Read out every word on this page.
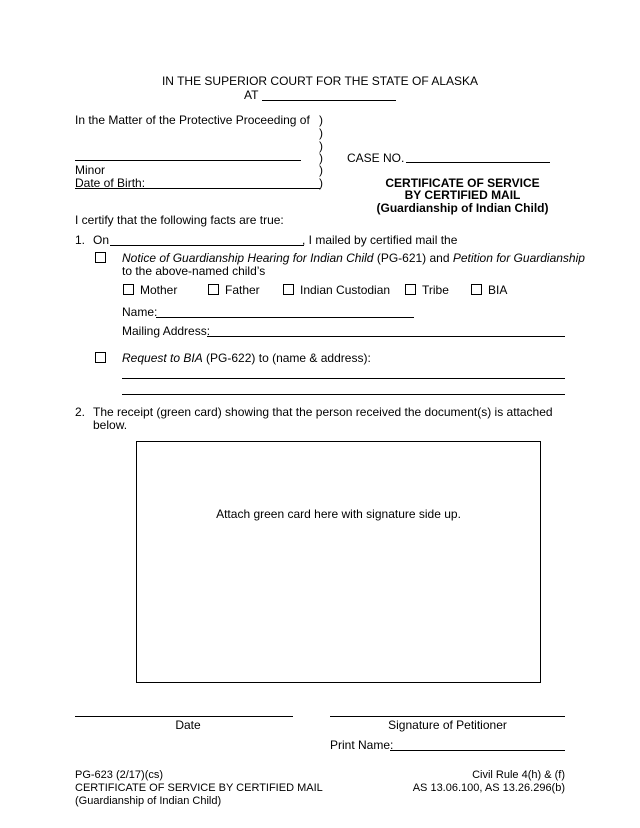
IN THE SUPERIOR COURT FOR THE STATE OF ALASKA
AT
In the Matter of the Protective Proceeding of
Minor
Date of Birth:
)
)
)
)
)
)
CASE NO.
CERTIFICATE OF SERVICE
BY CERTIFIED MAIL
(Guardianship of Indian Child)
I certify that the following facts are true:
1. On	, I mailed by certified mail the
Notice of Guardianship Hearing for Indian Child (PG-621) and Petition for Guardianship
to the above-named child’s
Mother	Father	Indian Custodian	Tribe	BIA
Name:
Mailing Address:
Request to BIA (PG-622) to (name & address):
2. The receipt (green card) showing that the person received the document(s) is attached
below.
Attach green card here with signature side up.
Date	Signature of Petitioner
Print Name:
PG-623 (2/17)(cs)
CERTIFICATE OF SERVICE BY CERTIFIED MAIL
(Guardianship of Indian Child)
Civil Rule 4(h) & (f)
AS 13.06.100, AS 13.26.296(b)
